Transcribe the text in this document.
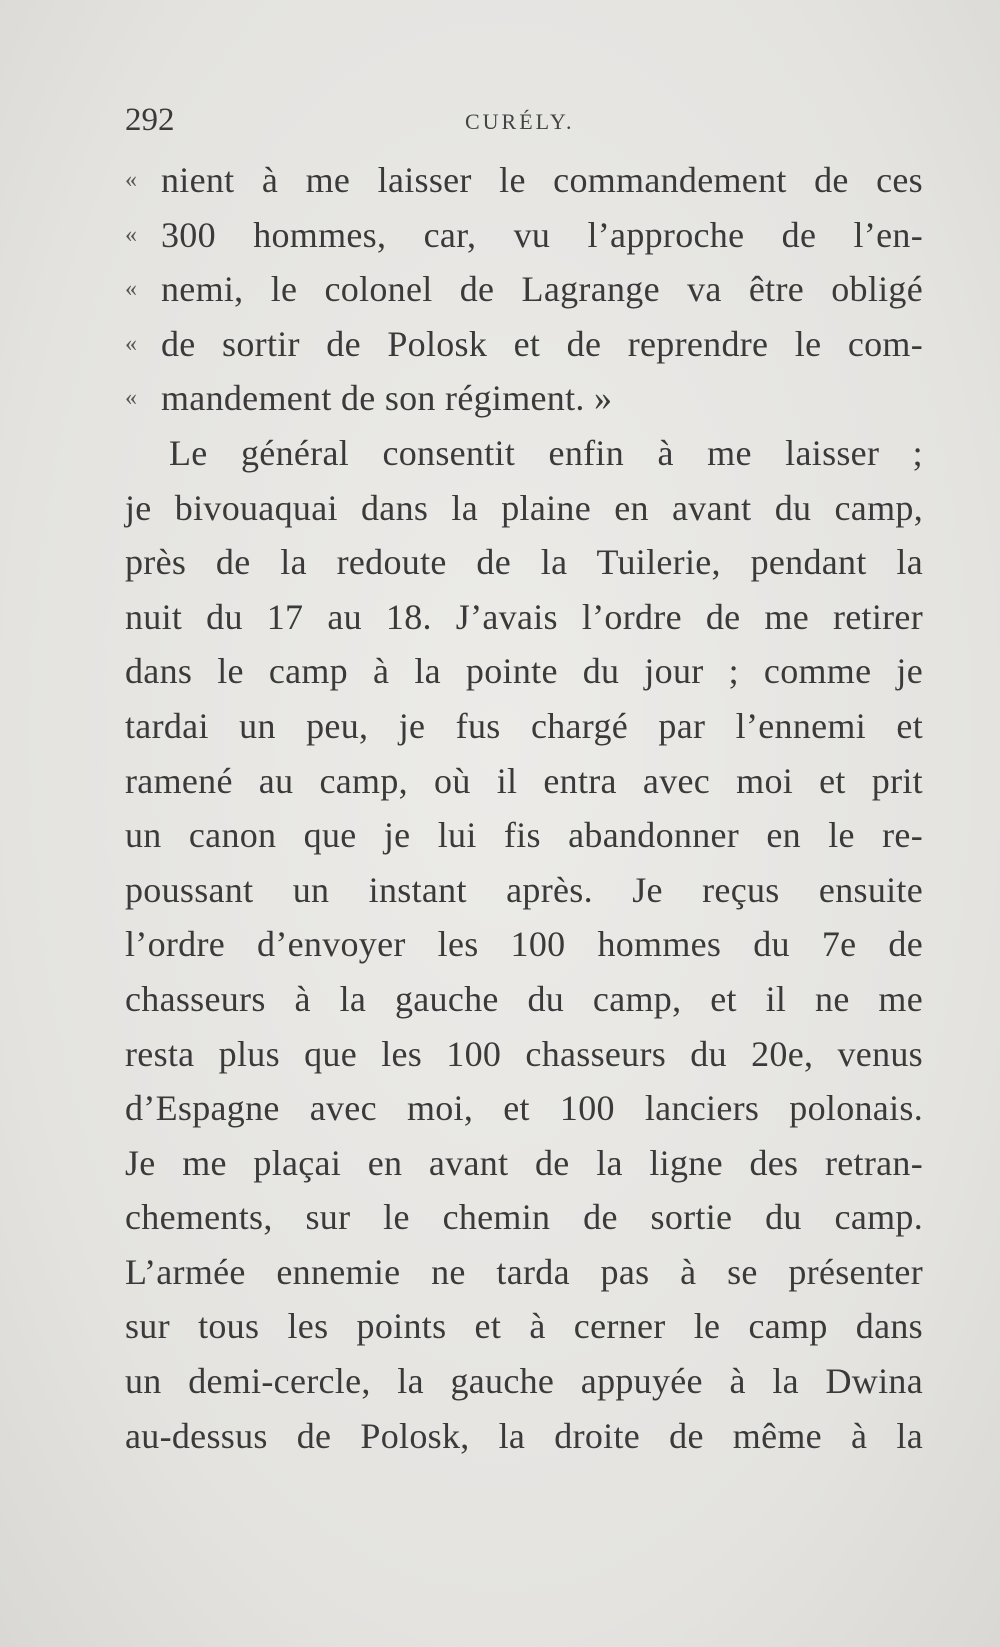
292	CURÉLY.
« nient à me laisser le commandement de ces
« 300 hommes, car, vu l’approche de l’en-
« nemi, le colonel de Lagrange va être obligé
« de sortir de Polosk et de reprendre le com-
« mandement de son régiment. »
Le général consentit enfin à me laisser ;
je bivouaquai dans la plaine en avant du camp,
près de la redoute de la Tuilerie, pendant la
nuit du 17 au 18. J’avais l’ordre de me retirer
dans le camp à la pointe du jour ; comme je
tardai un peu, je fus chargé par l’ennemi et
ramené au camp, où il entra avec moi et prit
un canon que je lui fis abandonner en le re-
poussant un instant après. Je reçus ensuite
l’ordre d’envoyer les 100 hommes du 7e de
chasseurs à la gauche du camp, et il ne me
resta plus que les 100 chasseurs du 20e, venus
d’Espagne avec moi, et 100 lanciers polonais.
Je me plaçai en avant de la ligne des retran-
chements, sur le chemin de sortie du camp.
L’armée ennemie ne tarda pas à se présenter
sur tous les points et à cerner le camp dans
un demi-cercle, la gauche appuyée à la Dwina
au-dessus de Polosk, la droite de même à la
